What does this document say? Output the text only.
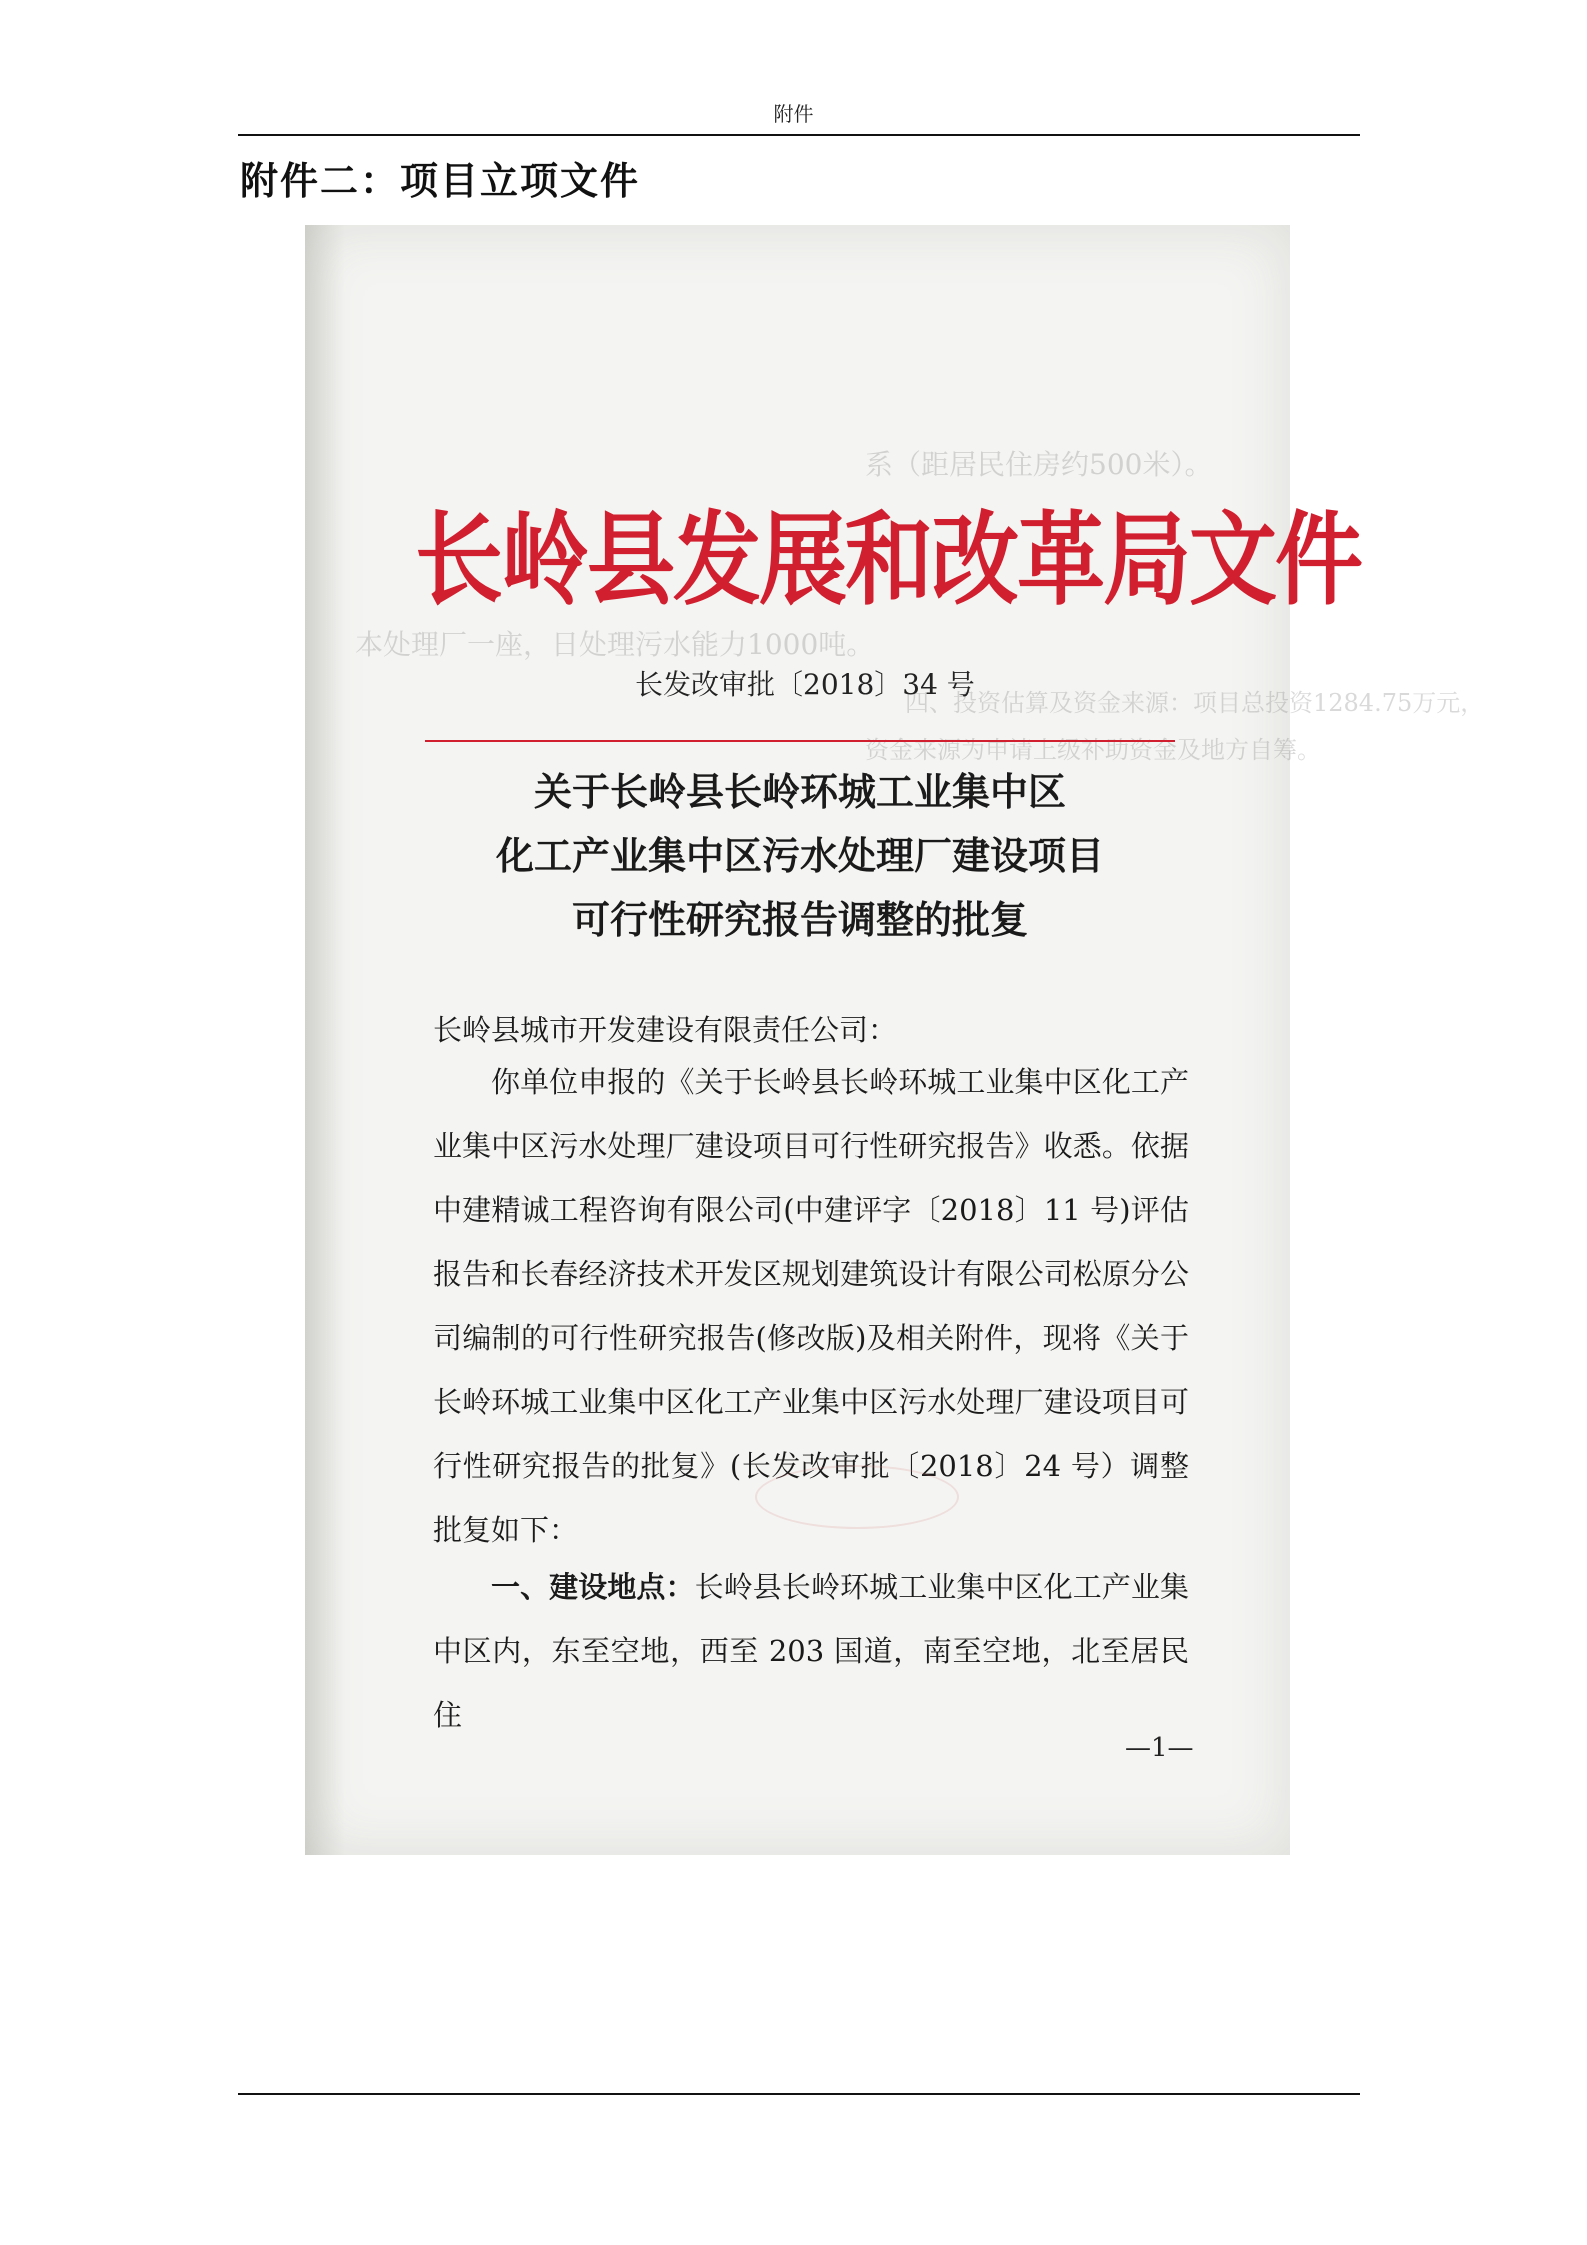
附件
附件二：项目立项文件
系（距居民住房约500米）。
本处理厂一座，日处理污水能力1000吨。
四、投资估算及资金来源：项目总投资1284.75万元，
资金来源为申请上级补助资金及地方自筹。
长岭县发展和改革局文件
长发改审批〔2018〕34 号
关于长岭县长岭环城工业集中区
化工产业集中区污水处理厂建设项目
可行性研究报告调整的批复
长岭县城市开发建设有限责任公司：
你单位申报的《关于长岭县长岭环城工业集中区化工产业集中区污水处理厂建设项目可行性研究报告》收悉。依据中建精诚工程咨询有限公司(中建评字〔2018〕11 号)评估报告和长春经济技术开发区规划建筑设计有限公司松原分公司编制的可行性研究报告(修改版)及相关附件，现将《关于长岭环城工业集中区化工产业集中区污水处理厂建设项目可行性研究报告的批复》(长发改审批〔2018〕24 号）调整批复如下：
一、建设地点：长岭县长岭环城工业集中区化工产业集中区内，东至空地，西至 203 国道，南至空地，北至居民住
—1—
